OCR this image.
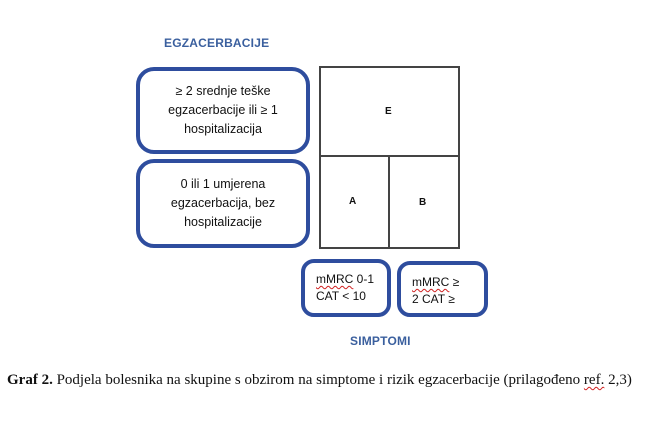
EGZACERBACIJE
≥ 2 srednje teške
egzacerbacije ili ≥ 1
hospitalizacija
0 ili 1 umjerena
egzacerbacija, bez
hospitalizacije
E
A	B
mMRC 0-1
CAT < 10
mMRC ≥
2 CAT ≥
SIMPTOMI
Graf 2. Podjela bolesnika na skupine s obzirom na simptome i rizik egzacerbacije (prilagođeno ref. 2,3)
